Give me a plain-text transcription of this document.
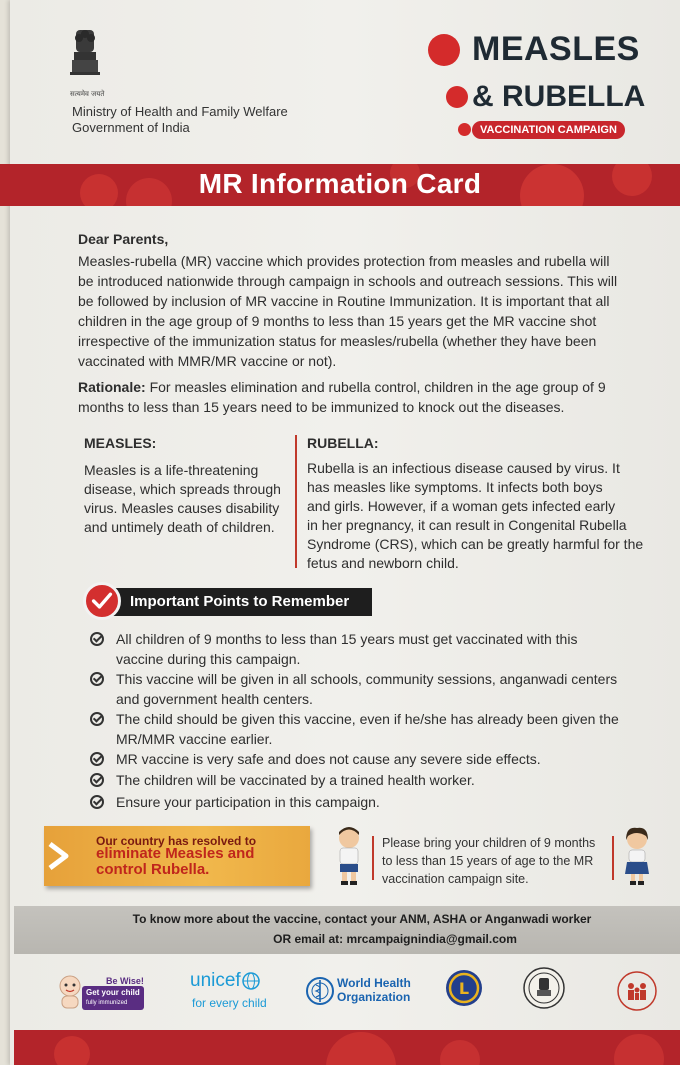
सत्यमेव जयते
Ministry of Health and Family Welfare
Government of India
MEASLES
& RUBELLA
VACCINATION CAMPAIGN
MR Information Card
Dear Parents,
Measles-rubella (MR) vaccine which provides protection from measles and rubella will
be introduced nationwide through campaign in schools and outreach sessions. This will
be followed by inclusion of MR vaccine in Routine Immunization. It is important that all
children in the age group of 9 months to less than 15 years get the MR vaccine shot
irrespective of the immunization status for measles/rubella (whether they have been
vaccinated with MMR/MR vaccine or not).
Rationale: For measles elimination and rubella control, children in the age group of 9
months to less than 15 years need to be immunized to knock out the diseases.
MEASLES:
Measles is a life-threatening
disease, which spreads through
virus. Measles causes disability
and untimely death of children.
RUBELLA:
Rubella is an infectious disease caused by virus. It
has measles like symptoms. It infects both boys
and girls. However, if a woman gets infected early
in her pregnancy, it can result in Congenital Rubella
Syndrome (CRS), which can be greatly harmful for the
fetus and newborn child.
Important Points to Remember
All children of 9 months to less than 15 years must get vaccinated with this
vaccine during this campaign.
This vaccine will be given in all schools, community sessions, anganwadi centers
and government health centers.
The child should be given this vaccine, even if he/she has already been given the
MR/MMR vaccine earlier.
MR vaccine is very safe and does not cause any severe side effects.
The children will be vaccinated by a trained health worker.
Ensure your participation in this campaign.
Our country has resolved to
eliminate Measles and
control Rubella.
Please bring your children of 9 months
to less than 15 years of age to the MR
vaccination campaign site.
To know more about the vaccine, contact your ANM, ASHA or Anganwadi worker
OR email at: mrcampaignindia@gmail.com
Be Wise!
Get your child
fully immunized
unicef
for every child
World Health
Organization	L
